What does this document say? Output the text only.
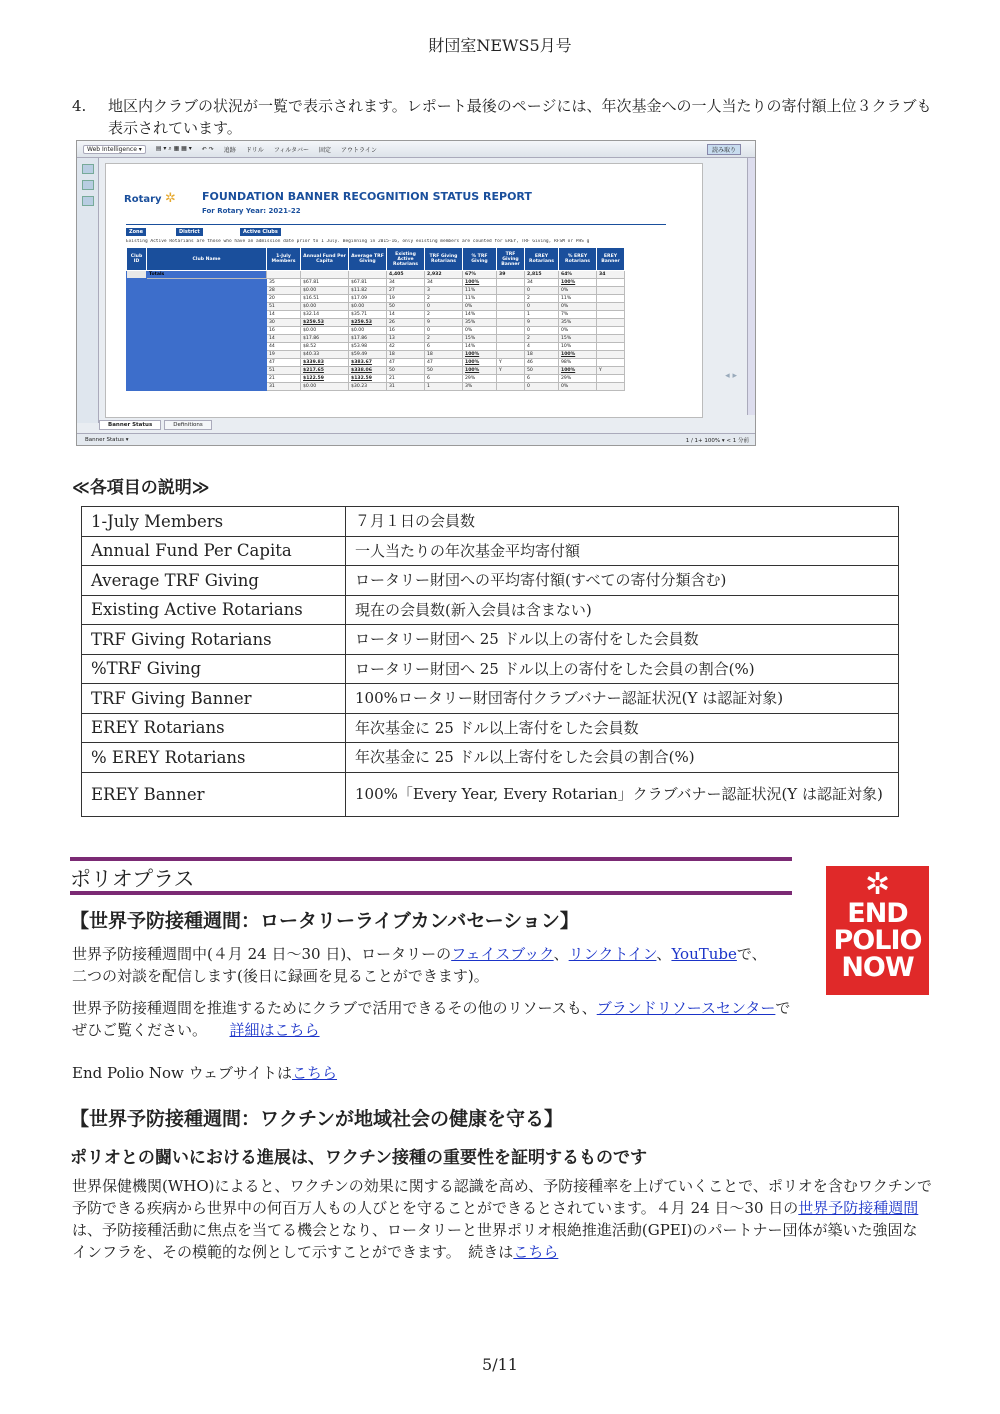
財団室NEWS5月号
4. 地区内クラブの状況が一覧で表示されます。レポート最後のページには、年次基金への一人当たりの寄付額上位３クラブも表示されています。
Web Intelligence ▾	▤ ▾ ⌕ ▦ ▦ ▾ ↶ ↷ 追跡 ドリル フィルタバー 固定 アウトライン	読み取り
Rotary ✲ FOUNDATION BANNER RECOGNITION STATUS REPORT
For Rotary Year: 2021-22
Zone	District	Active Clubs
Existing Active Rotarians are those who have an admission date prior to 1 July. Beginning in 2015-16, only existing members are counted for EREY, TRF Giving, RFSM or PHS g
Club ID	Club Name	1-July Members	Annual Fund Per Capita	Average TRF Giving	Existing Active Rotarians	TRF Giving Rotarians	% TRF Giving	TRF Giving Banner	EREY Rotarians	% EREY Rotarians	EREY Banner
	Totals				4,405	2,932	67%	39	2,815	64%	34
		35	$67.81	$67.81	34	34	100%		34	100%	
		28	$0.00	$11.82	27	3	11%		0	0%	
		20	$16.51	$17.09	19	2	11%		2	11%	
		51	$0.00	$0.00	50	0	0%		0	0%	
		14	$32.14	$35.71	14	2	14%		1	7%	
		30	$259.53	$259.53	26	9	35%		9	35%	
		16	$0.00	$0.00	16	0	0%		0	0%	
		14	$17.86	$17.86	13	2	15%		2	15%	
		44	$8.52	$53.98	42	6	14%		4	10%	
		19	$40.33	$59.49	18	18	100%		18	100%	
		47	$339.83	$383.67	47	47	100%	Y	46	98%	
		51	$217.65	$338.06	50	50	100%	Y	50	100%	Y
		21	$122.59	$132.59	21	6	29%		6	29%	
		31	$0.00	$30.23	31	1	3%		0	0%	
◂ ▸
Banner Status	Definitions
Banner Status ▾	1 / 1+ 100% ▾ < 1 分前
≪各項目の説明≫
1-July Members	７月１日の会員数
Annual Fund Per Capita	一人当たりの年次基金平均寄付額
Average TRF Giving	ロータリー財団への平均寄付額(すべての寄付分類含む)
Existing Active Rotarians	現在の会員数(新入会員は含まない)
TRF Giving Rotarians	ロータリー財団へ 25 ドル以上の寄付をした会員数
%TRF Giving	ロータリー財団へ 25 ドル以上の寄付をした会員の割合(%)
TRF Giving Banner	100%ロータリー財団寄付クラブバナー認証状況(Y は認証対象)
EREY Rotarians	年次基金に 25 ドル以上寄付をした会員数
% EREY Rotarians	年次基金に 25 ドル以上寄付をした会員の割合(%)
EREY Banner	100%「Every Year, Every Rotarian」クラブバナー認証状況(Y は認証対象)
ポリオプラス	✲
END
POLIO
NOW
【世界予防接種週間：ロータリーライブカンバセーション】
世界予防接種週間中(４月 24 日～30 日)、ロータリーのフェイスブック、リンクトイン、YouTubeで、二つの対談を配信します(後日に録画を見ることができます)。
世界予防接種週間を推進するためにクラブで活用できるその他のリソースも、ブランドリソースセンターでぜひご覧ください。　　 詳細はこちら
End Polio Now ウェブサイトはこちら
【世界予防接種週間：ワクチンが地域社会の健康を守る】
ポリオとの闘いにおける進展は、ワクチン接種の重要性を証明するものです
世界保健機関(WHO)によると、ワクチンの効果に関する認識を高め、予防接種率を上げていくことで、ポリオを含むワクチンで予防できる疾病から世界中の何百万人もの人びとを守ることができるとされています。４月 24 日～30 日の世界予防接種週間は、予防接種活動に焦点を当てる機会となり、ロータリーと世界ポリオ根絶推進活動(GPEI)のパートナー団体が築いた強固なインフラを、その模範的な例として示すことができます。　続きはこちら
5/11
